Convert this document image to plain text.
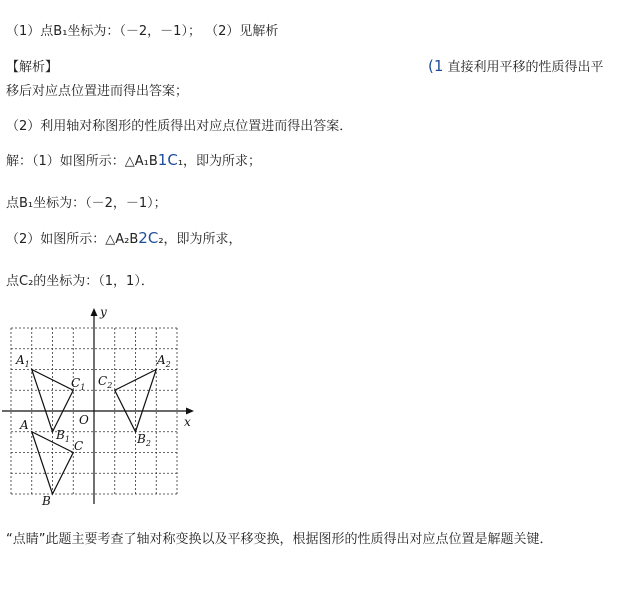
（1）点B₁坐标为：（－2，－1）； （2）见解析
【解析】	(1 直接利用平移的性质得出平
移后对应点位置进而得出答案；
（2）利用轴对称图形的性质得出对应点位置进而得出答案．
解：（1）如图所示：△A₁B1C₁，即为所求；
点B₁坐标为：（－2，－1）；
（2）如图所示：△A₂B2C₂，即为所求，
点C₂的坐标为：（1，1）．
x
y
O
A
B
C
$A_1$
$B_1$
$C_1$
$A_2$
$B_2$
$C_2$
“点睛”此题主要考查了轴对称变换以及平移变换，根据图形的性质得出对应点位置是解题关键．
